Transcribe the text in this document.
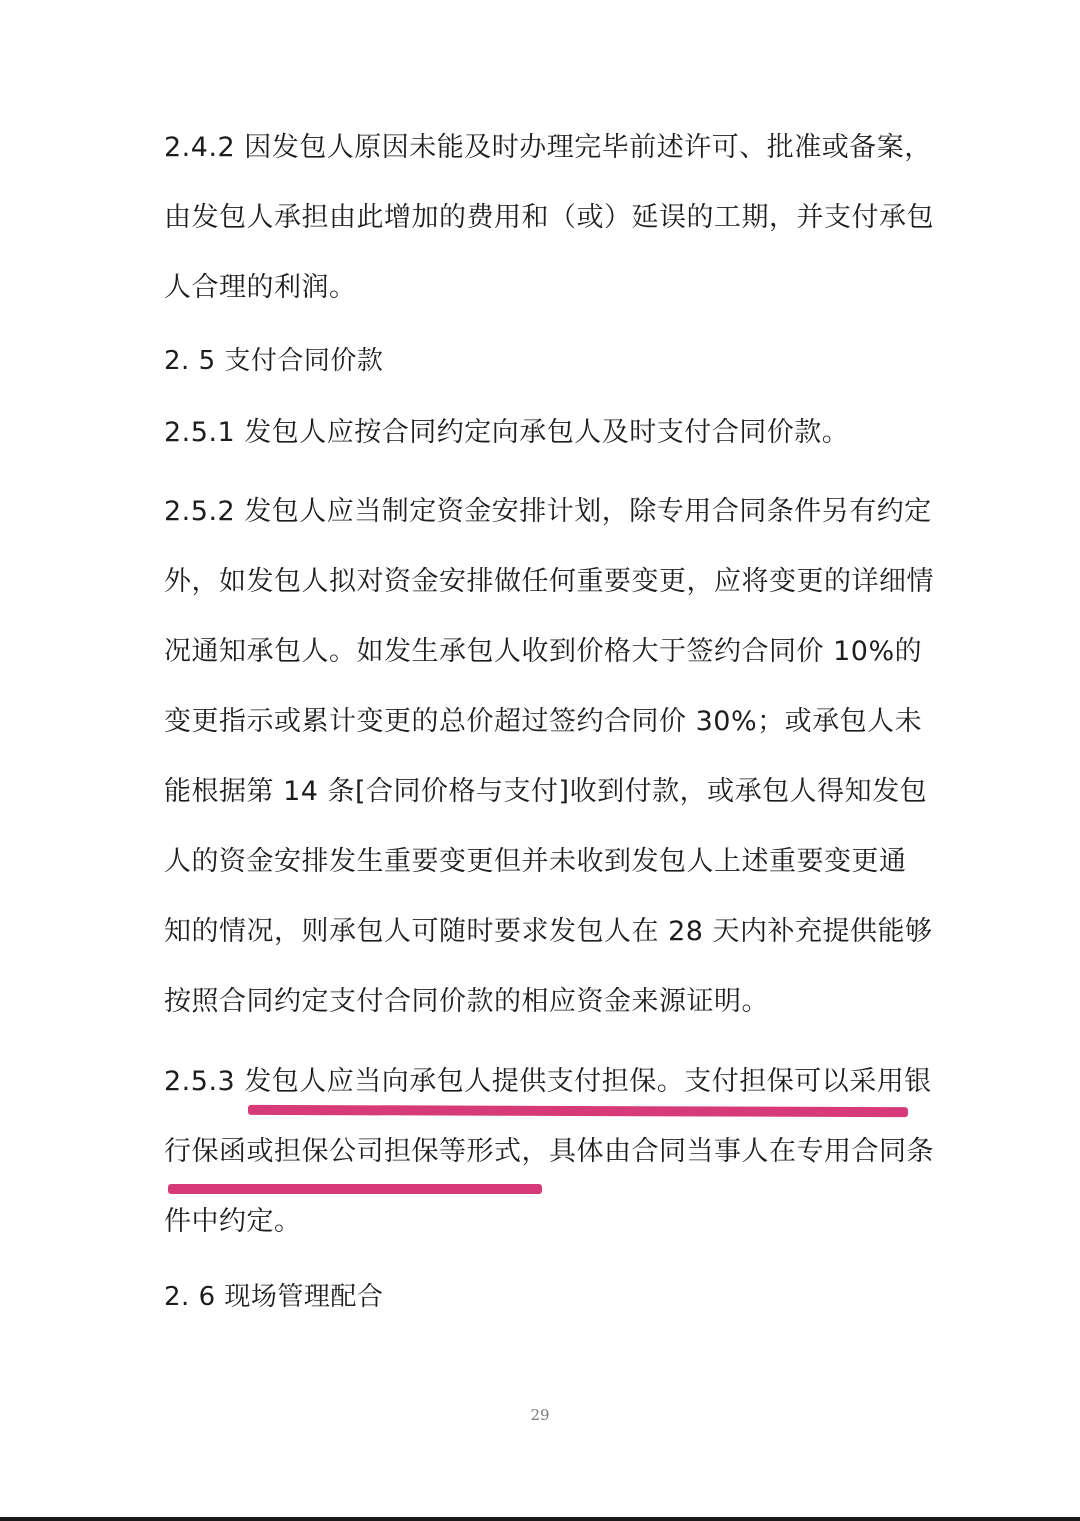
2.4.2 因发包人原因未能及时办理完毕前述许可、批准或备案，
由发包人承担由此增加的费用和（或）延误的工期，并支付承包
人合理的利润。
2. 5 支付合同价款
2.5.1 发包人应按合同约定向承包人及时支付合同价款。
2.5.2 发包人应当制定资金安排计划，除专用合同条件另有约定
外，如发包人拟对资金安排做任何重要变更，应将变更的详细情
况通知承包人。如发生承包人收到价格大于签约合同价 10%的
变更指示或累计变更的总价超过签约合同价 30%；或承包人未
能根据第 14 条[合同价格与支付]收到付款，或承包人得知发包
人的资金安排发生重要变更但并未收到发包人上述重要变更通
知的情况，则承包人可随时要求发包人在 28 天内补充提供能够
按照合同约定支付合同价款的相应资金来源证明。
2.5.3 发包人应当向承包人提供支付担保。支付担保可以采用银
行保函或担保公司担保等形式，具体由合同当事人在专用合同条
件中约定。
2. 6 现场管理配合
29
